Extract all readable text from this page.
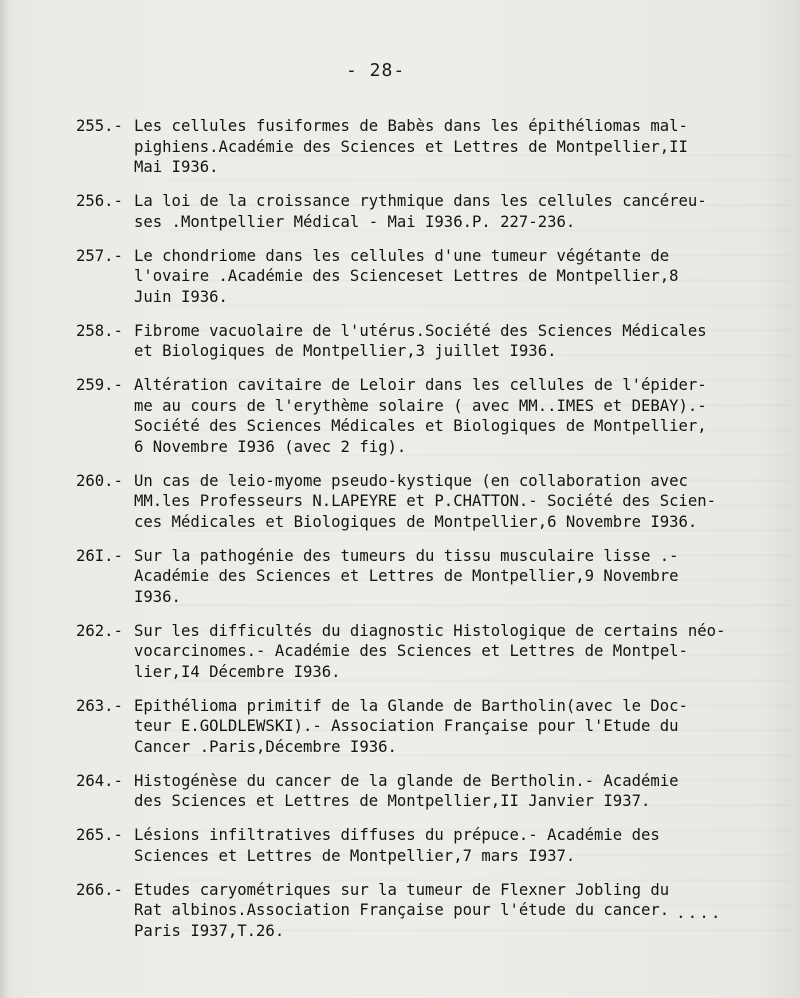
- 28-
255.- Les cellules fusiformes de Babès dans les épithéliomas mal-
pighiens.Académie des Sciences et Lettres de Montpellier,II
Mai I936.
256.- La loi de la croissance rythmique dans les cellules cancéreu-
ses .Montpellier Médical - Mai I936.P. 227-236.
257.- Le chondriome dans les cellules d'une tumeur végétante de
l'ovaire .Académie des Scienceset Lettres de Montpellier,8
Juin I936.
258.- Fibrome vacuolaire de l'utérus.Société des Sciences Médicales
et Biologiques de Montpellier,3 juillet I936.
259.- Altération cavitaire de Leloir dans les cellules de l'épider-
me au cours de l'erythème solaire ( avec MM..IMES et DEBAY).-
Société des Sciences Médicales et Biologiques de Montpellier,
6 Novembre I936 (avec 2 fig).
260.- Un cas de leio-myome pseudo-kystique (en collaboration avec
MM.les Professeurs N.LAPEYRE et P.CHATTON.- Société des Scien-
ces Médicales et Biologiques de Montpellier,6 Novembre I936.
26I.- Sur la pathogénie des tumeurs du tissu musculaire lisse .-
Académie des Sciences et Lettres de Montpellier,9 Novembre
I936.
262.- Sur les difficultés du diagnostic Histologique de certains néo-
vocarcinomes.- Académie des Sciences et Lettres de Montpel-
lier,I4 Décembre I936.
263.- Epithélioma primitif de la Glande de Bartholin(avec le Doc-
teur E.GOLDLEWSKI).- Association Française pour l'Etude du
Cancer .Paris,Décembre I936.
264.- Histogénèse du cancer de la glande de Bertholin.- Académie
des Sciences et Lettres de Montpellier,II Janvier I937.
265.- Lésions infiltratives diffuses du prépuce.- Académie des
Sciences et Lettres de Montpellier,7 mars I937.
266.- Etudes caryométriques sur la tumeur de Flexner Jobling du
Rat albinos.Association Française pour l'étude du cancer.
Paris I937,T.26.
....
